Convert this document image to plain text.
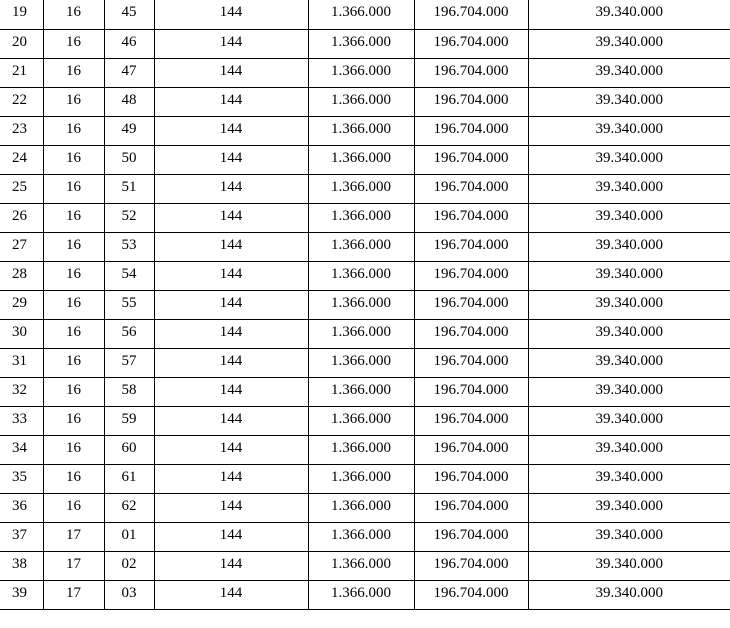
19	16	45	144	1.366.000	196.704.000	39.340.000
20	16	46	144	1.366.000	196.704.000	39.340.000
21	16	47	144	1.366.000	196.704.000	39.340.000
22	16	48	144	1.366.000	196.704.000	39.340.000
23	16	49	144	1.366.000	196.704.000	39.340.000
24	16	50	144	1.366.000	196.704.000	39.340.000
25	16	51	144	1.366.000	196.704.000	39.340.000
26	16	52	144	1.366.000	196.704.000	39.340.000
27	16	53	144	1.366.000	196.704.000	39.340.000
28	16	54	144	1.366.000	196.704.000	39.340.000
29	16	55	144	1.366.000	196.704.000	39.340.000
30	16	56	144	1.366.000	196.704.000	39.340.000
31	16	57	144	1.366.000	196.704.000	39.340.000
32	16	58	144	1.366.000	196.704.000	39.340.000
33	16	59	144	1.366.000	196.704.000	39.340.000
34	16	60	144	1.366.000	196.704.000	39.340.000
35	16	61	144	1.366.000	196.704.000	39.340.000
36	16	62	144	1.366.000	196.704.000	39.340.000
37	17	01	144	1.366.000	196.704.000	39.340.000
38	17	02	144	1.366.000	196.704.000	39.340.000
39	17	03	144	1.366.000	196.704.000	39.340.000
